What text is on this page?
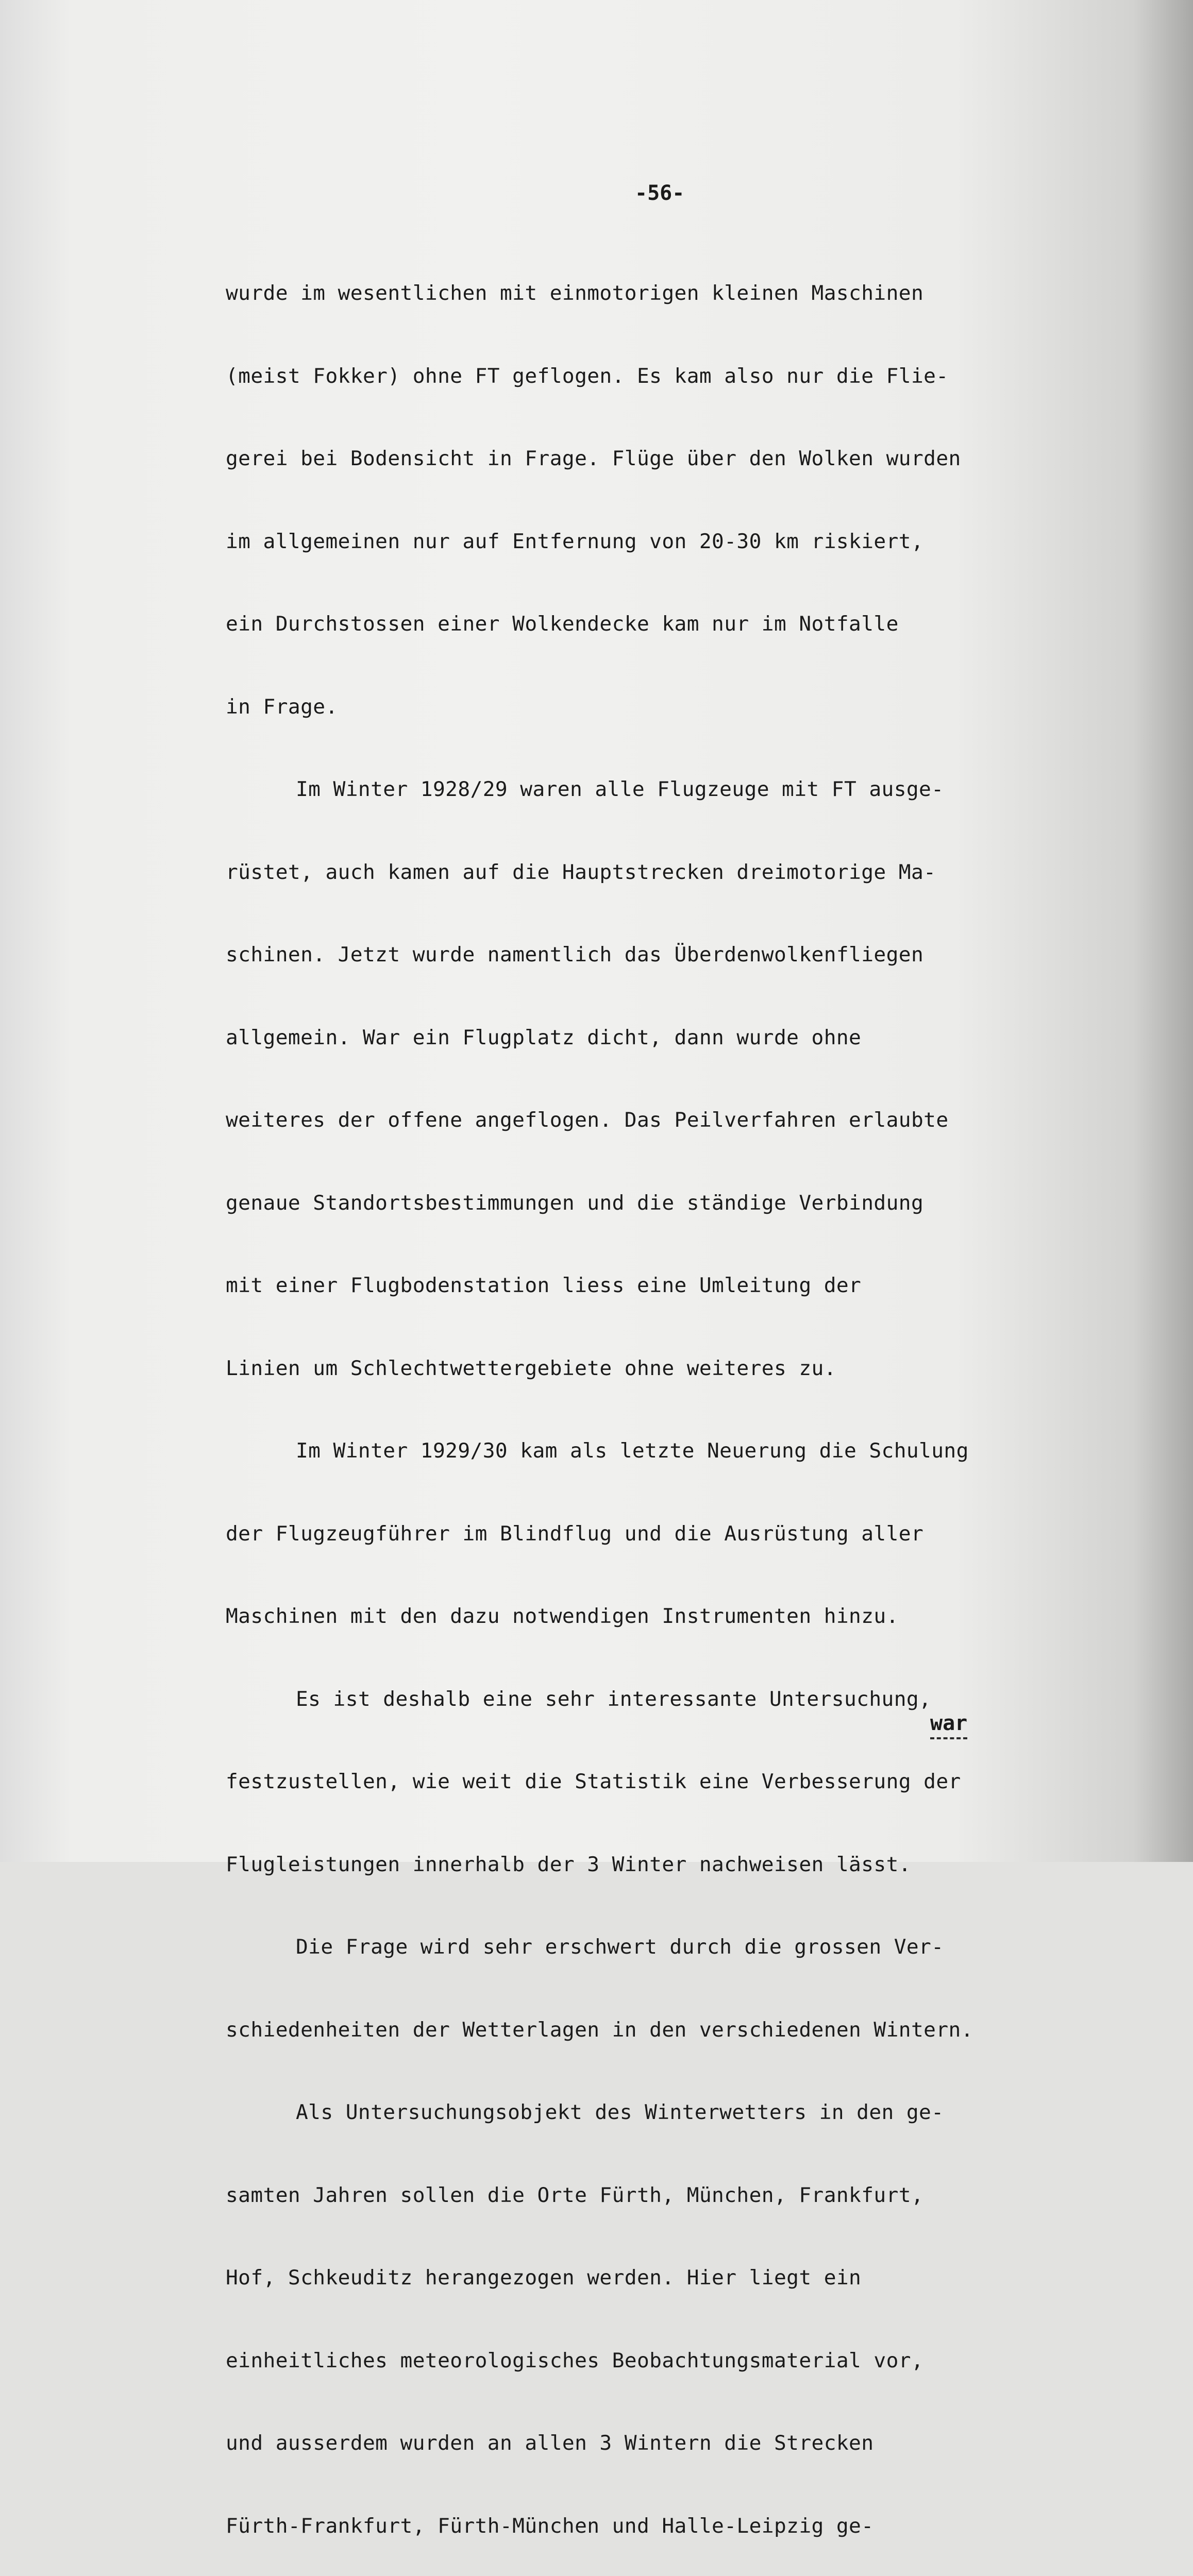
-56-

wurde im wesentlichen mit einmotorigen kleinen Maschinen

(meist Fokker) ohne FT geflogen. Es kam also nur die Flie-

gerei bei Bodensicht in Frage. Flüge über den Wolken wurden

im allgemeinen nur auf Entfernung von 20-30 km riskiert,

ein Durchstossen einer Wolkendecke kam nur im Notfalle

in Frage.

Im Winter 1928/29 waren alle Flugzeuge mit FT ausge-

rüstet, auch kamen auf die Hauptstrecken dreimotorige Ma-

schinen. Jetzt wurde namentlich das Überdenwolkenfliegen

allgemein. War ein Flugplatz dicht, dann wurde ohne

weiteres der offene angeflogen. Das Peilverfahren erlaubte

genaue Standortsbestimmungen und die ständige Verbindung

mit einer Flugbodenstation liess eine Umleitung der

Linien um Schlechtwettergebiete ohne weiteres zu.

Im Winter 1929/30 kam als letzte Neuerung die Schulung

der Flugzeugführer im Blindflug und die Ausrüstung aller

Maschinen mit den dazu notwendigen Instrumenten hinzu.

Es ist deshalb eine sehr interessante Untersuchung,

festzustellen, wie weit die Statistik eine Verbesserung der

Flugleistungen innerhalb der 3 Winter nachweisen lässt.

Die Frage wird sehr erschwert durch die grossen Ver-

schiedenheiten der Wetterlagen in den verschiedenen Wintern.

Als Untersuchungsobjekt des Winterwetters in den ge-

samten Jahren sollen die Orte Fürth, München, Frankfurt,

Hof, Schkeuditz herangezogen werden. Hier liegt ein

einheitliches meteorologisches Beobachtungsmaterial vor,

und ausserdem wurden an allen 3 Wintern die Strecken

Fürth-Frankfurt, Fürth-München und Halle-Leipzig ge-

war
